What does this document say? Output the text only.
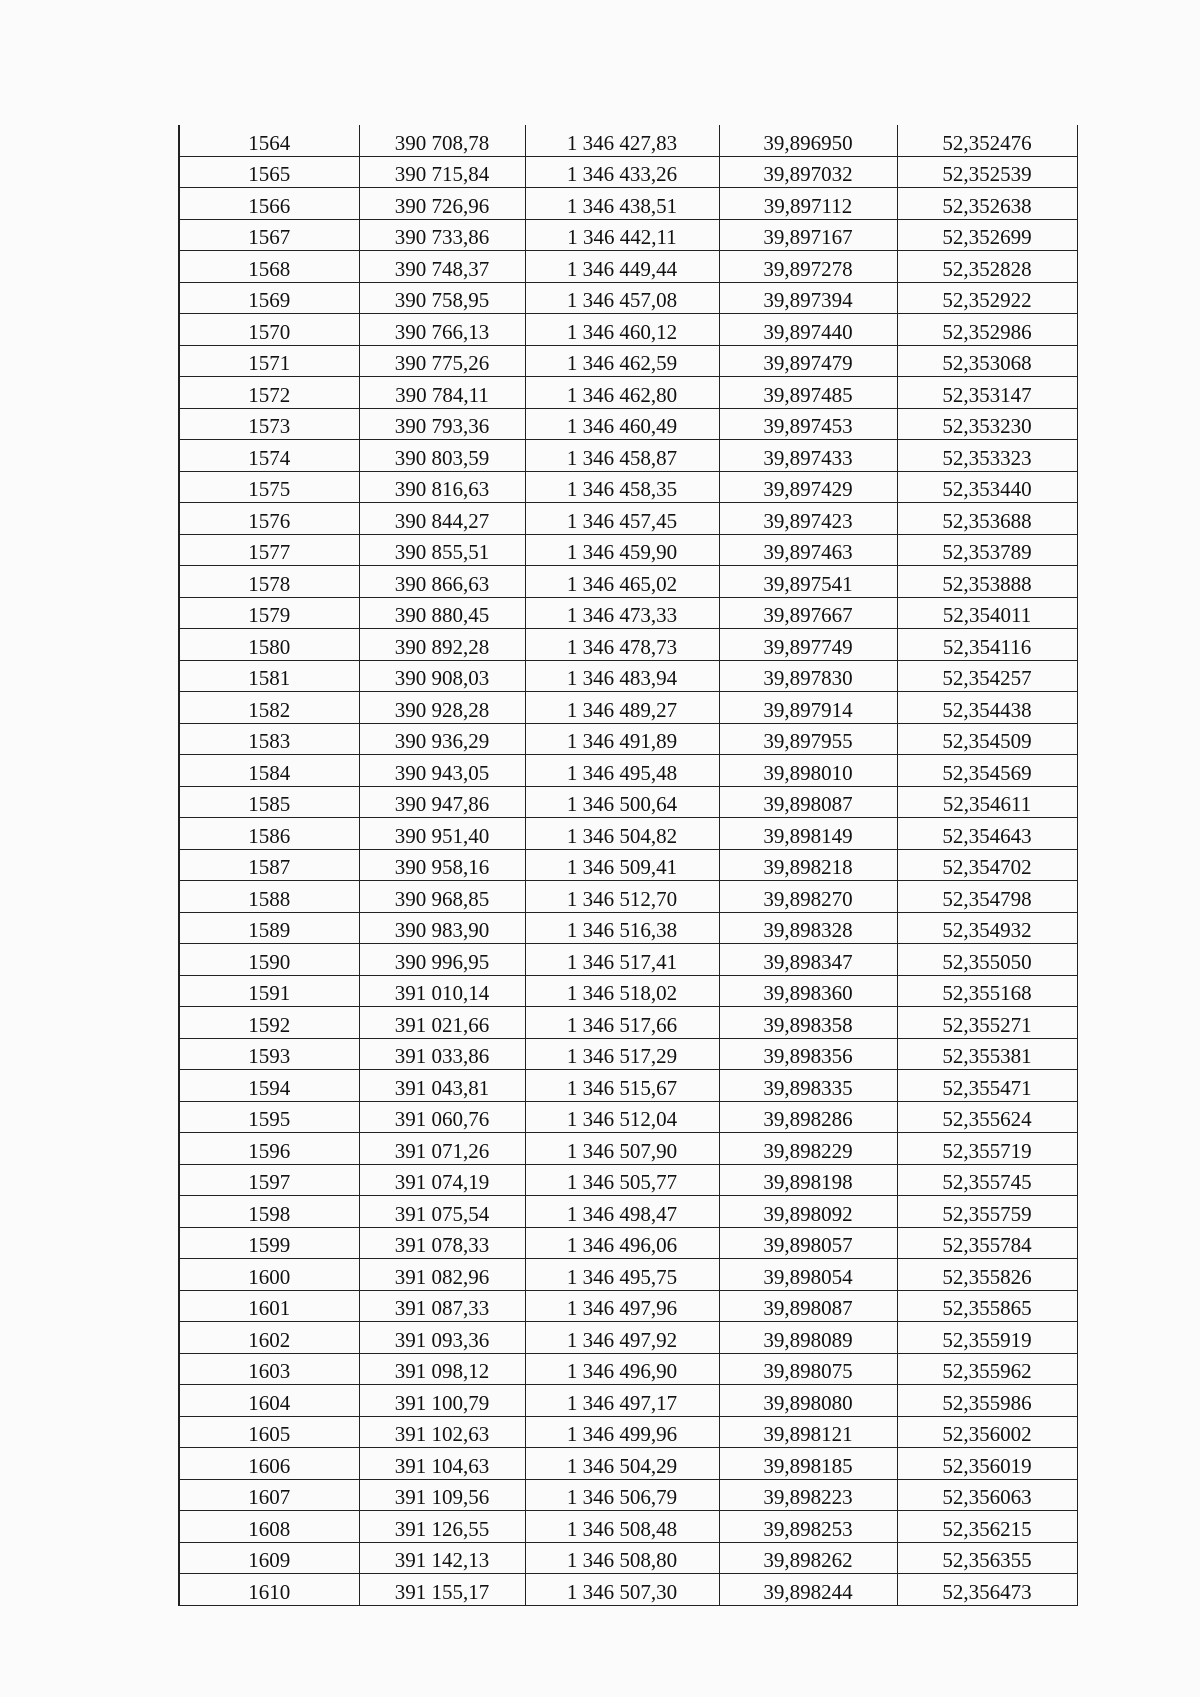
1564	390 708,78	1 346 427,83	39,896950	52,352476
1565	390 715,84	1 346 433,26	39,897032	52,352539
1566	390 726,96	1 346 438,51	39,897112	52,352638
1567	390 733,86	1 346 442,11	39,897167	52,352699
1568	390 748,37	1 346 449,44	39,897278	52,352828
1569	390 758,95	1 346 457,08	39,897394	52,352922
1570	390 766,13	1 346 460,12	39,897440	52,352986
1571	390 775,26	1 346 462,59	39,897479	52,353068
1572	390 784,11	1 346 462,80	39,897485	52,353147
1573	390 793,36	1 346 460,49	39,897453	52,353230
1574	390 803,59	1 346 458,87	39,897433	52,353323
1575	390 816,63	1 346 458,35	39,897429	52,353440
1576	390 844,27	1 346 457,45	39,897423	52,353688
1577	390 855,51	1 346 459,90	39,897463	52,353789
1578	390 866,63	1 346 465,02	39,897541	52,353888
1579	390 880,45	1 346 473,33	39,897667	52,354011
1580	390 892,28	1 346 478,73	39,897749	52,354116
1581	390 908,03	1 346 483,94	39,897830	52,354257
1582	390 928,28	1 346 489,27	39,897914	52,354438
1583	390 936,29	1 346 491,89	39,897955	52,354509
1584	390 943,05	1 346 495,48	39,898010	52,354569
1585	390 947,86	1 346 500,64	39,898087	52,354611
1586	390 951,40	1 346 504,82	39,898149	52,354643
1587	390 958,16	1 346 509,41	39,898218	52,354702
1588	390 968,85	1 346 512,70	39,898270	52,354798
1589	390 983,90	1 346 516,38	39,898328	52,354932
1590	390 996,95	1 346 517,41	39,898347	52,355050
1591	391 010,14	1 346 518,02	39,898360	52,355168
1592	391 021,66	1 346 517,66	39,898358	52,355271
1593	391 033,86	1 346 517,29	39,898356	52,355381
1594	391 043,81	1 346 515,67	39,898335	52,355471
1595	391 060,76	1 346 512,04	39,898286	52,355624
1596	391 071,26	1 346 507,90	39,898229	52,355719
1597	391 074,19	1 346 505,77	39,898198	52,355745
1598	391 075,54	1 346 498,47	39,898092	52,355759
1599	391 078,33	1 346 496,06	39,898057	52,355784
1600	391 082,96	1 346 495,75	39,898054	52,355826
1601	391 087,33	1 346 497,96	39,898087	52,355865
1602	391 093,36	1 346 497,92	39,898089	52,355919
1603	391 098,12	1 346 496,90	39,898075	52,355962
1604	391 100,79	1 346 497,17	39,898080	52,355986
1605	391 102,63	1 346 499,96	39,898121	52,356002
1606	391 104,63	1 346 504,29	39,898185	52,356019
1607	391 109,56	1 346 506,79	39,898223	52,356063
1608	391 126,55	1 346 508,48	39,898253	52,356215
1609	391 142,13	1 346 508,80	39,898262	52,356355
1610	391 155,17	1 346 507,30	39,898244	52,356473
